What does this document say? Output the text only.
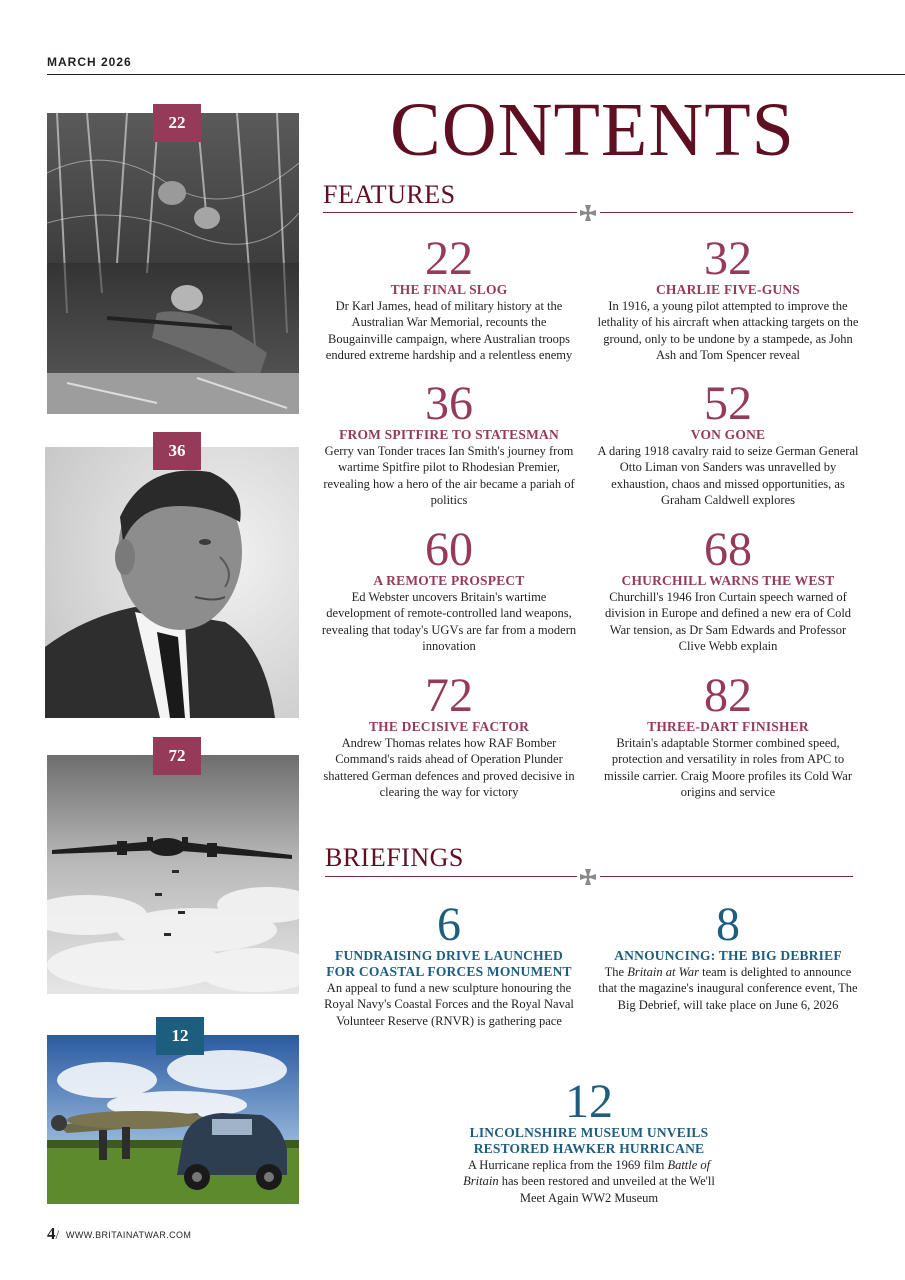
MARCH 2026
22
36
72
12
CONTENTS
FEATURES
22
THE FINAL SLOG
Dr Karl James, head of military history at the Australian War Memorial, recounts the Bougainville campaign, where Australian troops endured extreme hardship and a relentless enemy
32
CHARLIE FIVE-GUNS
In 1916, a young pilot attempted to improve the lethality of his aircraft when attacking targets on the ground, only to be undone by a stampede, as John Ash and Tom Spencer reveal
36
FROM SPITFIRE TO STATESMAN
Gerry van Tonder traces Ian Smith's journey from wartime Spitfire pilot to Rhodesian Premier, revealing how a hero of the air became a pariah of politics
52
VON GONE
A daring 1918 cavalry raid to seize German General Otto Liman von Sanders was unravelled by exhaustion, chaos and missed opportunities, as Graham Caldwell explores
60
A REMOTE PROSPECT
Ed Webster uncovers Britain's wartime development of remote-controlled land weapons, revealing that today's UGVs are far from a modern innovation
68
CHURCHILL WARNS THE WEST
Churchill's 1946 Iron Curtain speech warned of division in Europe and defined a new era of Cold War tension, as Dr Sam Edwards and Professor Clive Webb explain
72
THE DECISIVE FACTOR
Andrew Thomas relates how RAF Bomber Command's raids ahead of Operation Plunder shattered German defences and proved decisive in clearing the way for victory
82
THREE-DART FINISHER
Britain's adaptable Stormer combined speed, protection and versatility in roles from APC to missile carrier. Craig Moore profiles its Cold War origins and service
BRIEFINGS
6
FUNDRAISING DRIVE LAUNCHED
FOR COASTAL FORCES MONUMENT
An appeal to fund a new sculpture honouring the Royal Navy's Coastal Forces and the Royal Naval Volunteer Reserve (RNVR) is gathering pace
8
ANNOUNCING: THE BIG DEBRIEF
The Britain at War team is delighted to announce that the magazine's inaugural conference event, The Big Debrief, will take place on June 6, 2026
12
LINCOLNSHIRE MUSEUM UNVEILS
RESTORED HAWKER HURRICANE
A Hurricane replica from the 1969 film Battle of Britain has been restored and unveiled at the We'll Meet Again WW2 Museum
4/ WWW.BRITAINATWAR.COM
